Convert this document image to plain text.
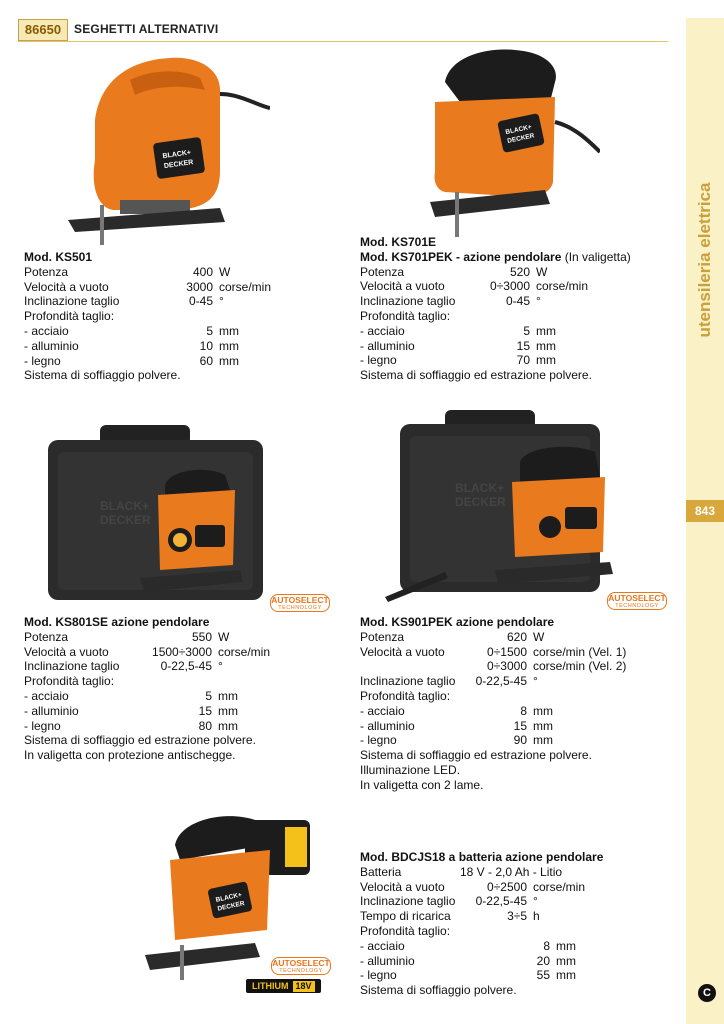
86650	SEGHETTI ALTERNATIVI
utensileria elettrica
843
C
BLACK+
DECKER
BLACK+
DECKER
BLACK+
DECKER
BLACK+
DECKER
BLACK+
DECKER
AUTOSELECT
TECHNOLOGY
AUTOSELECT
TECHNOLOGY
AUTOSELECT
TECHNOLOGY
LITHIUM 18V
Mod. KS501
Potenza	400 W
Velocità a vuoto	3000 corse/min
Inclinazione taglio	0-45 °
Profondità taglio:
- acciaio	5 mm
- alluminio	10 mm
- legno	60 mm
Sistema di soffiaggio polvere.
Mod. KS701E
Mod. KS701PEK - azione pendolare (In valigetta)
Potenza	520 W
Velocità a vuoto	0÷3000 corse/min
Inclinazione taglio	0-45 °
Profondità taglio:
- acciaio	5 mm
- alluminio	15 mm
- legno	70 mm
Sistema di soffiaggio ed estrazione polvere.
Mod. KS801SE azione pendolare
Potenza	550 W
Velocità a vuoto	1500÷3000 corse/min
Inclinazione taglio	0-22,5-45 °
Profondità taglio:
- acciaio	5 mm
- alluminio	15 mm
- legno	80 mm
Sistema di soffiaggio ed estrazione polvere.
In valigetta con protezione antischegge.
Mod. KS901PEK azione pendolare
Potenza	620 W
Velocità a vuoto	0÷1500 corse/min (Vel. 1)
0÷3000 corse/min (Vel. 2)
Inclinazione taglio	0-22,5-45 °
Profondità taglio:
- acciaio	8 mm
- alluminio	15 mm
- legno	90 mm
Sistema di soffiaggio ed estrazione polvere.
Illuminazione LED.
In valigetta con 2 lame.
Mod. BDCJS18 a batteria azione pendolare
Batteria	18 V - 2,0 Ah - Litio
Velocità a vuoto	0÷2500 corse/min
Inclinazione taglio	0-22,5-45 °
Tempo di ricarica	3÷5 h
Profondità taglio:
- acciaio	8 mm
- alluminio	20 mm
- legno	55 mm
Sistema di soffiaggio polvere.
